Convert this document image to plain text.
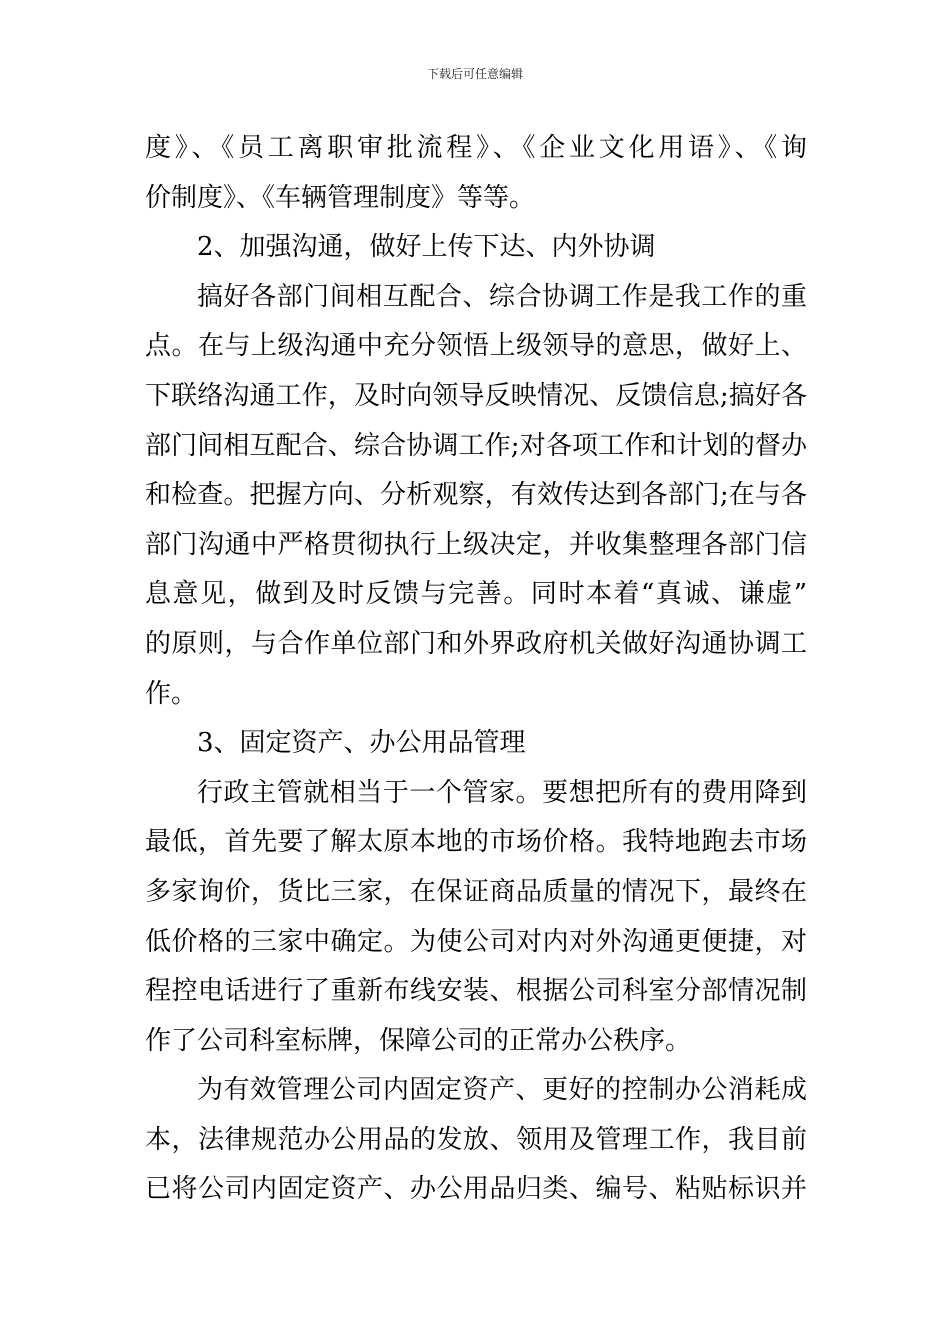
下载后可任意编辑
度》、《员工离职审批流程》、《企业文化用语》、《询
价制度》、《车辆管理制度》等等。
2、加强沟通，做好上传下达、内外协调
搞好各部门间相互配合、综合协调工作是我工作的重
点。在与上级沟通中充分领悟上级领导的意思，做好上、
下联络沟通工作，及时向领导反映情况、反馈信息;搞好各
部门间相互配合、综合协调工作;对各项工作和计划的督办
和检查。把握方向、分析观察，有效传达到各部门;在与各
部门沟通中严格贯彻执行上级决定，并收集整理各部门信
息意见，做到及时反馈与完善。同时本着“真诚、谦虚”
的原则，与合作单位部门和外界政府机关做好沟通协调工
作。
3、固定资产、办公用品管理
行政主管就相当于一个管家。要想把所有的费用降到
最低，首先要了解太原本地的市场价格。我特地跑去市场
多家询价，货比三家，在保证商品质量的情况下，最终在
低价格的三家中确定。为使公司对内对外沟通更便捷，对
程控电话进行了重新布线安装、根据公司科室分部情况制
作了公司科室标牌，保障公司的正常办公秩序。
为有效管理公司内固定资产、更好的控制办公消耗成
本，法律规范办公用品的发放、领用及管理工作，我目前
已将公司内固定资产、办公用品归类、编号、粘贴标识并
